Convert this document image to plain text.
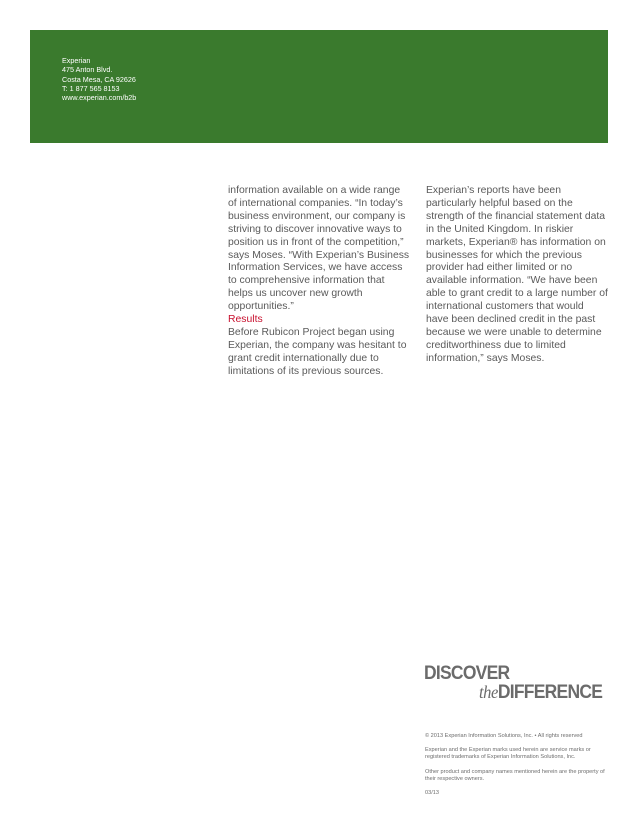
Experian
475 Anton Blvd.
Costa Mesa, CA 92626
T: 1 877 565 8153
www.experian.com/b2b

information available on a wide range of international companies. “In today’s business environment, our company is striving to discover innovative ways to position us in front of the competition,” says Moses. “With Experian’s Business Information Services, we have access to comprehensive information that helps us uncover new growth opportunities.”

Results

Before Rubicon Project began using Experian, the company was hesitant to grant credit internationally due to limitations of its previous sources.

Experian’s reports have been particularly helpful based on the strength of the financial statement data in the United Kingdom. In riskier markets, Experian® has information on businesses for which the previous provider had either limited or no available information. “We have been able to grant credit to a large number of international customers that would have been declined credit in the past because we were unable to determine creditworthiness due to limited information,” says Moses.

DISCOVER
theDIFFERENCE

© 2013 Experian Information Solutions, Inc. • All rights reserved

Experian and the Experian marks used herein are service marks or registered trademarks of Experian Information Solutions, Inc.

Other product and company names mentioned herein are the property of their respective owners.

03/13
